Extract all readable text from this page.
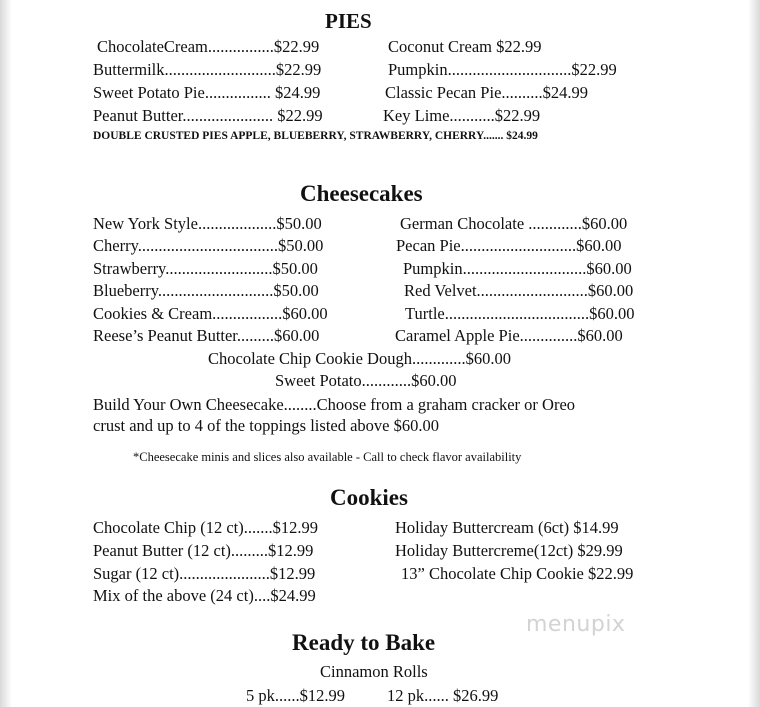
PIES
ChocolateCream................$22.99	Coconut Cream $22.99
Buttermilk...........................$22.99	Pumpkin..............................$22.99
Sweet Potato Pie................ $24.99	Classic Pecan Pie..........$24.99
Peanut Butter...................... $22.99	Key Lime...........$22.99
DOUBLE CRUSTED PIES APPLE, BLUEBERRY, STRAWBERRY, CHERRY....... $24.99
Cheesecakes
New York Style...................$50.00	German Chocolate .............$60.00
Cherry..................................$50.00	Pecan Pie............................$60.00
Strawberry..........................$50.00	Pumpkin..............................$60.00
Blueberry............................$50.00	Red Velvet...........................$60.00
Cookies & Cream.................$60.00	Turtle...................................$60.00
Reese’s Peanut Butter.........$60.00	Caramel Apple Pie..............$60.00
Chocolate Chip Cookie Dough.............$60.00
Sweet Potato............$60.00
Build Your Own Cheesecake........Choose from a graham cracker or Oreo
crust and up to 4 of the toppings listed above $60.00
*Cheesecake minis and slices also available - Call to check flavor availability
Cookies
Chocolate Chip (12 ct).......$12.99	Holiday Buttercream (6ct) $14.99
Peanut Butter (12 ct).........$12.99	Holiday Buttercreme(12ct) $29.99
Sugar (12 ct)......................$12.99	13” Chocolate Chip Cookie $22.99
Mix of the above (24 ct)....$24.99
Ready to Bake
Cinnamon Rolls
5 pk......$12.99	12 pk...... $26.99
menupix
